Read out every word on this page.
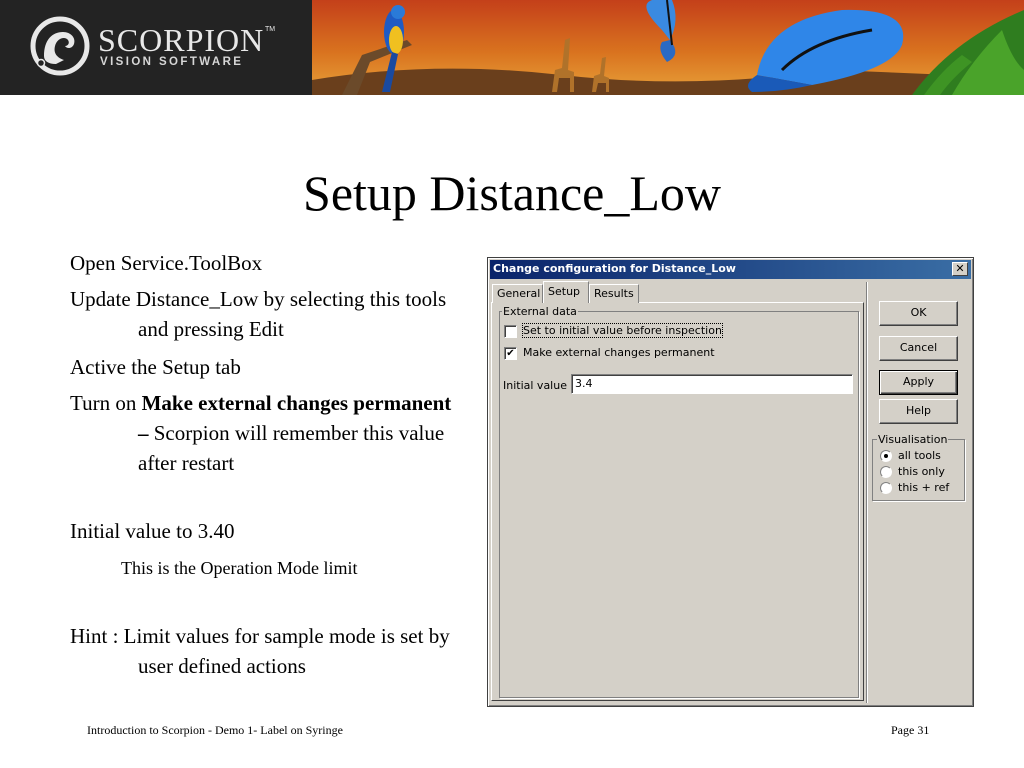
SCORPION TM
VISION SOFTWARE
Setup Distance_Low
Open Service.ToolBox
Update Distance_Low by selecting this tools and pressing Edit
Active the Setup tab
Turn on Make external changes permanent – Scorpion will remember this value after restart
Initial value to 3.40
This is the Operation Mode limit
Hint : Limit values for sample mode is set by user defined actions
Change configuration for Distance_Low	✕
General Setup	Results
External data
Set to initial value before inspection
✔ Make external changes permanent
Initial value 3.4
OK
Cancel
Apply
Help
Visualisation
all tools
this only
this + ref
Introduction to Scorpion - Demo 1- Label on Syringe	Page 31
